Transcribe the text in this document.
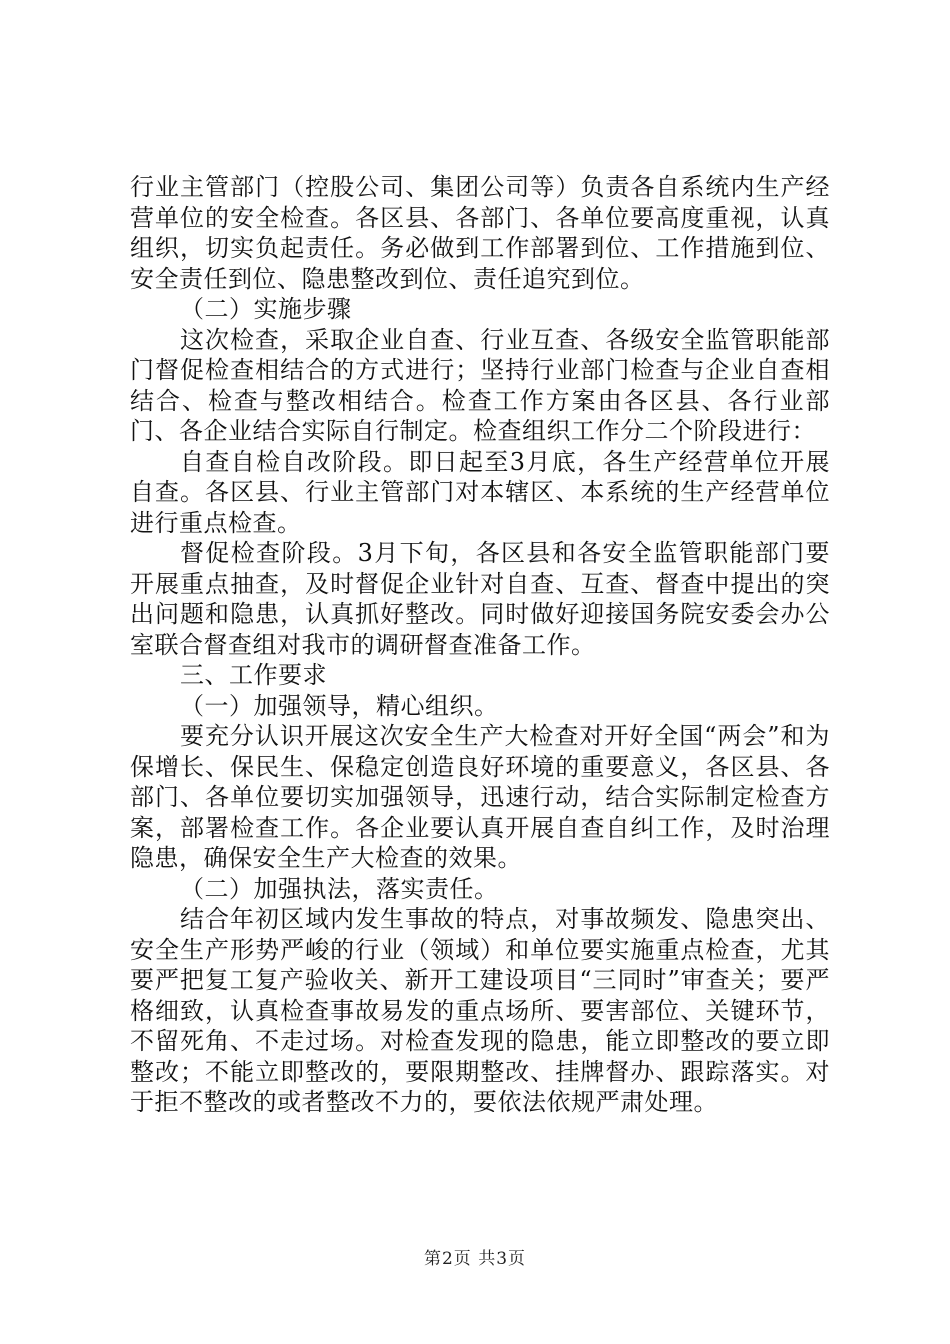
行业主管部门（控股公司、集团公司等）负责各自系统内生产经营单位的安全检查。各区县、各部门、各单位要高度重视，认真组织，切实负起责任。务必做到工作部署到位、工作措施到位、安全责任到位、隐患整改到位、责任追究到位。

（二）实施步骤

这次检查，采取企业自查、行业互查、各级安全监管职能部门督促检查相结合的方式进行；坚持行业部门检查与企业自查相结合、检查与整改相结合。检查工作方案由各区县、各行业部门、各企业结合实际自行制定。检查组织工作分二个阶段进行：

自查自检自改阶段。即日起至3月底，各生产经营单位开展自查。各区县、行业主管部门对本辖区、本系统的生产经营单位进行重点检查。

督促检查阶段。3月下旬，各区县和各安全监管职能部门要开展重点抽查，及时督促企业针对自查、互查、督查中提出的突出问题和隐患，认真抓好整改。同时做好迎接国务院安委会办公室联合督查组对我市的调研督查准备工作。

三、工作要求

（一）加强领导，精心组织。

要充分认识开展这次安全生产大检查对开好全国“两会”和为保增长、保民生、保稳定创造良好环境的重要意义，各区县、各部门、各单位要切实加强领导，迅速行动，结合实际制定检查方案，部署检查工作。各企业要认真开展自查自纠工作，及时治理隐患，确保安全生产大检查的效果。

（二）加强执法，落实责任。

结合年初区域内发生事故的特点，对事故频发、隐患突出、安全生产形势严峻的行业（领域）和单位要实施重点检查，尤其要严把复工复产验收关、新开工建设项目“三同时”审查关；要严格细致，认真检查事故易发的重点场所、要害部位、关键环节，不留死角、不走过场。对检查发现的隐患，能立即整改的要立即整改；不能立即整改的，要限期整改、挂牌督办、跟踪落实。对于拒不整改的或者整改不力的，要依法依规严肃处理。

第2页 共3页
